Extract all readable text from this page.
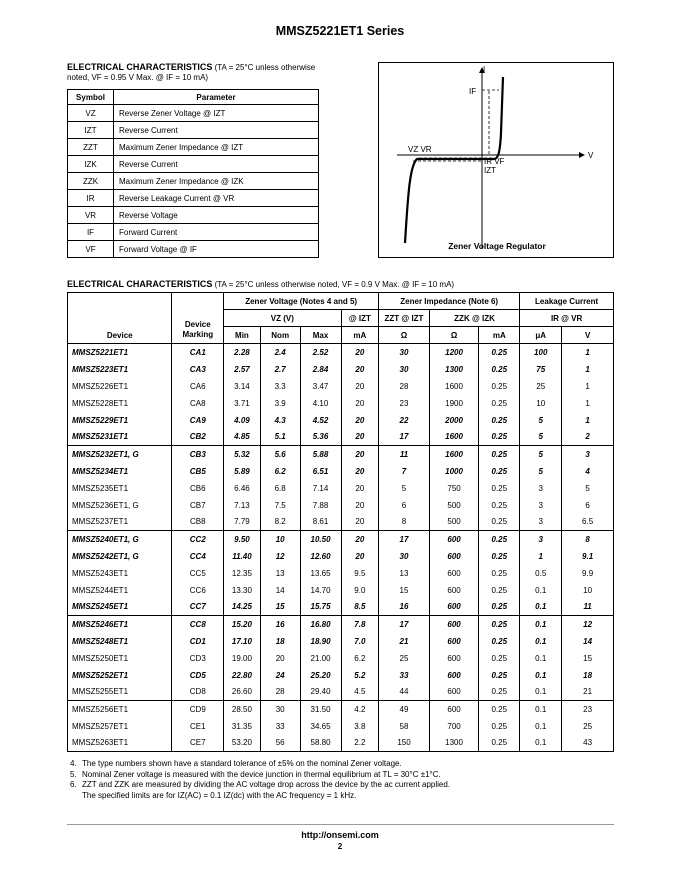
MMSZ5221ET1 Series
ELECTRICAL CHARACTERISTICS (TA = 25°C unless otherwise noted, VF = 0.95 V Max. @ IF = 10 mA)
Symbol	Parameter
VZ	Reverse Zener Voltage @ IZT
IZT	Reverse Current
ZZT	Maximum Zener Impedance @ IZT
IZK	Reverse Current
ZZK	Maximum Zener Impedance @ IZK
IR	Reverse Leakage Current @ VR
VR	Reverse Voltage
IF	Forward Current
VF	Forward Voltage @ IF
I
V
IF
VZ VR
IR VF
IZT
Zener Voltage Regulator
ELECTRICAL CHARACTERISTICS (TA = 25°C unless otherwise noted, VF = 0.9 V Max. @ IF = 10 mA)
Device	Device Marking	Zener Voltage (Notes 4 and 5)				Zener Impedance (Note 6)			Leakage Current	
		VZ (V)			@ IZT	ZZT @ IZT	ZZK @ IZK		IR @ VR	
		Min	Nom	Max	mA	Ω	Ω	mA	μA	V
MMSZ5221ET1	CA1	2.28	2.4	2.52	20	30	1200	0.25	100	1
MMSZ5223ET1	CA3	2.57	2.7	2.84	20	30	1300	0.25	75	1
MMSZ5226ET1	CA6	3.14	3.3	3.47	20	28	1600	0.25	25	1
MMSZ5228ET1	CA8	3.71	3.9	4.10	20	23	1900	0.25	10	1
MMSZ5229ET1	CA9	4.09	4.3	4.52	20	22	2000	0.25	5	1
MMSZ5231ET1	CB2	4.85	5.1	5.36	20	17	1600	0.25	5	2
MMSZ5232ET1, G	CB3	5.32	5.6	5.88	20	11	1600	0.25	5	3
MMSZ5234ET1	CB5	5.89	6.2	6.51	20	7	1000	0.25	5	4
MMSZ5235ET1	CB6	6.46	6.8	7.14	20	5	750	0.25	3	5
MMSZ5236ET1, G	CB7	7.13	7.5	7.88	20	6	500	0.25	3	6
MMSZ5237ET1	CB8	7.79	8.2	8.61	20	8	500	0.25	3	6.5
MMSZ5240ET1, G	CC2	9.50	10	10.50	20	17	600	0.25	3	8
MMSZ5242ET1, G	CC4	11.40	12	12.60	20	30	600	0.25	1	9.1
MMSZ5243ET1	CC5	12.35	13	13.65	9.5	13	600	0.25	0.5	9.9
MMSZ5244ET1	CC6	13.30	14	14.70	9.0	15	600	0.25	0.1	10
MMSZ5245ET1	CC7	14.25	15	15.75	8.5	16	600	0.25	0.1	11
MMSZ5246ET1	CC8	15.20	16	16.80	7.8	17	600	0.25	0.1	12
MMSZ5248ET1	CD1	17.10	18	18.90	7.0	21	600	0.25	0.1	14
MMSZ5250ET1	CD3	19.00	20	21.00	6.2	25	600	0.25	0.1	15
MMSZ5252ET1	CD5	22.80	24	25.20	5.2	33	600	0.25	0.1	18
MMSZ5255ET1	CD8	26.60	28	29.40	4.5	44	600	0.25	0.1	21
MMSZ5256ET1	CD9	28.50	30	31.50	4.2	49	600	0.25	0.1	23
MMSZ5257ET1	CE1	31.35	33	34.65	3.8	58	700	0.25	0.1	25
MMSZ5263ET1	CE7	53.20	56	58.80	2.2	150	1300	0.25	0.1	43
4. The type numbers shown have a standard tolerance of ±5% on the nominal Zener voltage.
5. Nominal Zener voltage is measured with the device junction in thermal equilibrium at TL = 30°C ±1°C.
6. ZZT and ZZK are measured by dividing the AC voltage drop across the device by the ac current applied.
The specified limits are for IZ(AC) = 0.1 IZ(dc) with the AC frequency = 1 kHz.
http://onsemi.com
2
